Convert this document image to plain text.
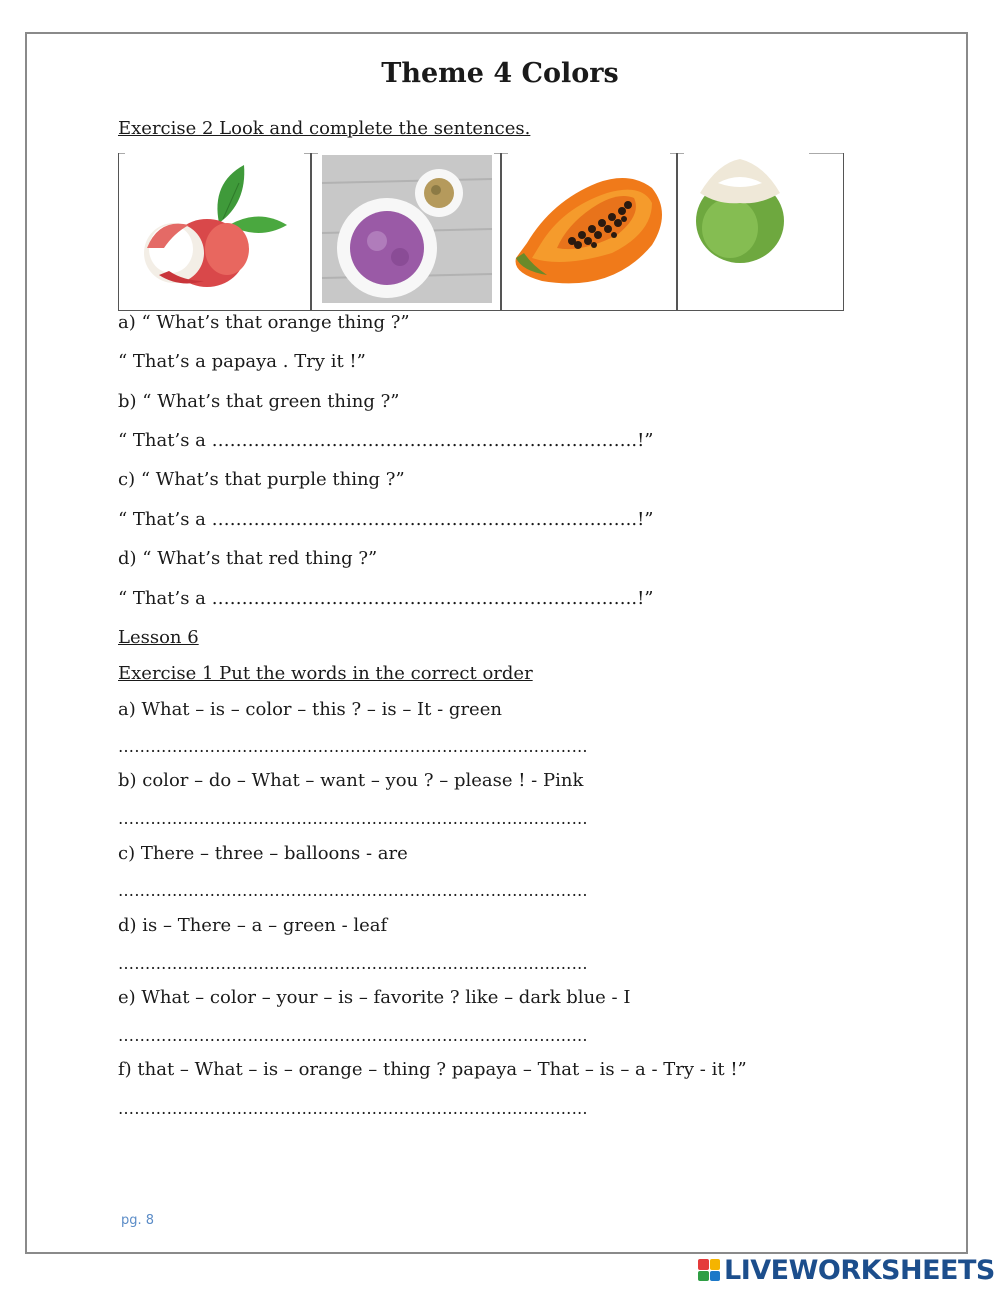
Theme 4 Colors
Exercise 2 Look and complete the sentences.
a) “ What’s that orange thing ?”
“ That’s a papaya . Try it !”
b) “ What’s that green thing ?”
“ That’s a ……………………………………………………………..!”
c) “ What’s that purple thing ?”
“ That’s a ……………………………………………………………..!”
d) “ What’s that red thing ?”
“ That’s a ……………………………………………………………..!”
Lesson 6
Exercise 1 Put the words in the correct order
a) What – is – color – this ? – is – It - green
……………………………………………………………………………
b) color – do – What – want – you ? – please ! - Pink
……………………………………………………………………………
c) There – three – balloons - are
……………………………………………………………………………
d) is – There – a – green - leaf
……………………………………………………………………………
e) What – color – your – is – favorite ? like – dark blue - I
……………………………………………………………………………
f) that – What – is – orange – thing ? papaya – That – is – a - Try - it !”
……………………………………………………………………………
pg. 8
LIVEWORKSHEETS
